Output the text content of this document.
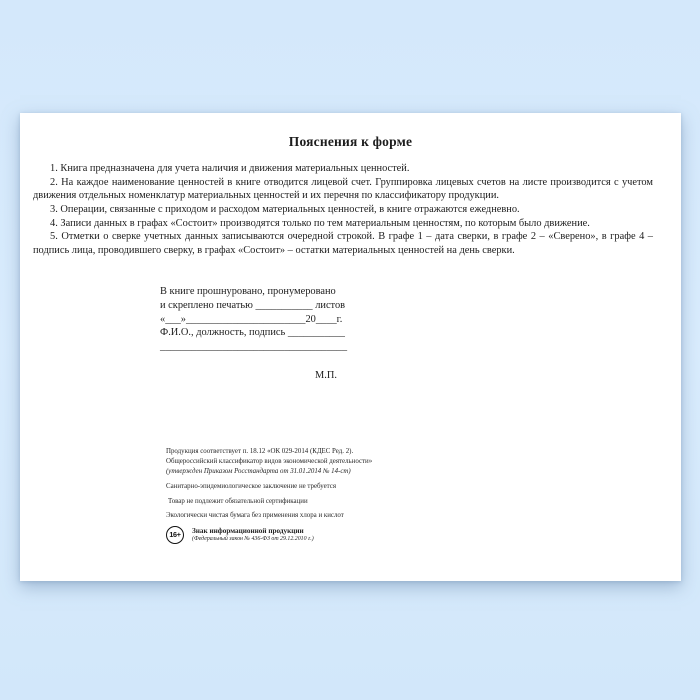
Пояснения к форме

1. Книга предназначена для учета наличия и движения материальных ценностей.

2. На каждое наименование ценностей в книге отводится лицевой счет. Группировка лицевых счетов на листе производится с учетом движения отдельных номенклатур материальных ценностей и их перечня по классификатору продукции.

3. Операции, связанные с приходом и расходом материальных ценностей, в книге отражаются ежедневно.

4. Записи данных в графах «Состоит» производятся только по тем материальным ценностям, по которым было движение.

5. Отметки о сверке учетных данных записываются очередной строкой. В графе 1 – дата сверки, в графе 2 – «Сверено», в графе 4 – подпись лица, проводившего сверку, в графах «Состоит» – остатки материальных ценностей на день сверки.

В книге прошнуровано, пронумеровано
и скреплено печатью ___________ листов
«___»_______________________20____г.
Ф.И.О., должность, подпись ___________
____________________________________
М.П.
Продукция соответствует п. 18.12 «ОК 029-2014 (КДЕС Ред. 2).
Общероссийский классификатор видов экономической деятельности»
(утвержден Приказом Росстандарта от 31.01.2014 № 14-ст)
Санитарно-эпидемиологическое заключение не требуется
Товар не подлежит обязательной сертификации
Экологически чистая бумага без применения хлора и кислот
16+	Знак информационной продукции
(Федеральный закон № 436-ФЗ от 29.12.2010 г.)
